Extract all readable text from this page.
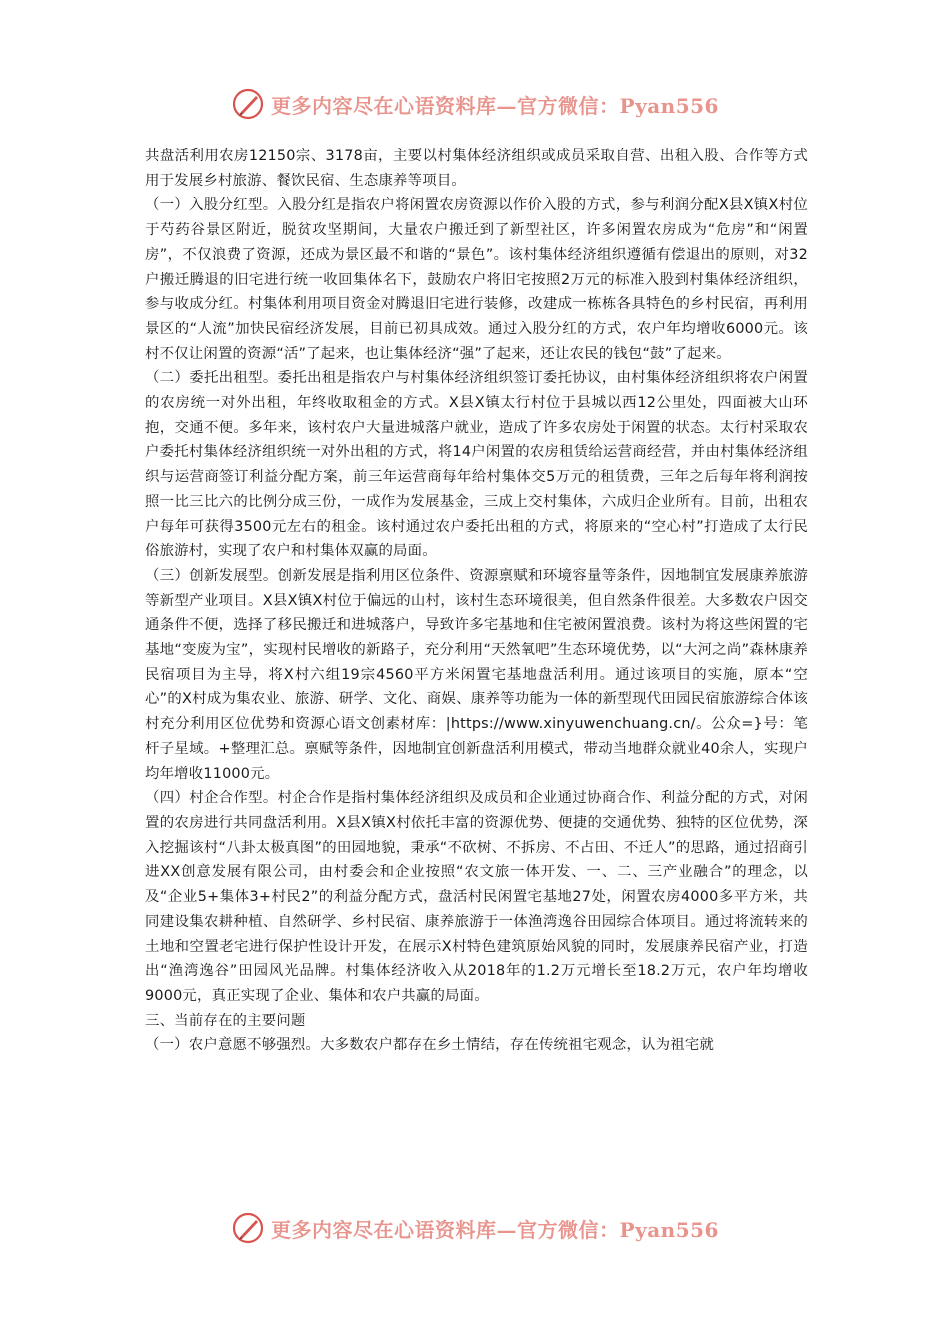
更多内容尽在心语资料库—官方微信：Pyan556

共盘活利用农房12150宗、3178亩，主要以村集体经济组织或成员采取自营、出租入股、合作等方式用于发展乡村旅游、餐饮民宿、生态康养等项目。

（一）入股分红型。入股分红是指农户将闲置农房资源以作价入股的方式，参与利润分配X县X镇X村位于芍药谷景区附近，脱贫攻坚期间，大量农户搬迁到了新型社区，许多闲置农房成为“危房”和“闲置房”，不仅浪费了资源，还成为景区最不和谐的“景色”。该村集体经济组织遵循有偿退出的原则，对32户搬迁腾退的旧宅进行统一收回集体名下，鼓励农户将旧宅按照2万元的标准入股到村集体经济组织，参与收成分红。村集体利用项目资金对腾退旧宅进行装修，改建成一栋栋各具特色的乡村民宿，再利用景区的“人流”加快民宿经济发展，目前已初具成效。通过入股分红的方式，农户年均增收6000元。该村不仅让闲置的资源“活”了起来，也让集体经济“强”了起来，还让农民的钱包“鼓”了起来。

（二）委托出租型。委托出租是指农户与村集体经济组织签订委托协议，由村集体经济组织将农户闲置的农房统一对外出租，年终收取租金的方式。X县X镇太行村位于县城以西12公里处，四面被大山环抱，交通不便。多年来，该村农户大量进城落户就业，造成了许多农房处于闲置的状态。太行村采取农户委托村集体经济组织统一对外出租的方式，将14户闲置的农房租赁给运营商经营，并由村集体经济组织与运营商签订利益分配方案，前三年运营商每年给村集体交5万元的租赁费，三年之后每年将利润按照一比三比六的比例分成三份，一成作为发展基金，三成上交村集体，六成归企业所有。目前，出租农户每年可获得3500元左右的租金。该村通过农户委托出租的方式，将原来的“空心村”打造成了太行民俗旅游村，实现了农户和村集体双赢的局面。

（三）创新发展型。创新发展是指利用区位条件、资源禀赋和环境容量等条件，因地制宜发展康养旅游等新型产业项目。X县X镇X村位于偏远的山村，该村生态环境很美，但自然条件很差。大多数农户因交通条件不便，选择了移民搬迁和进城落户，导致许多宅基地和住宅被闲置浪费。该村为将这些闲置的宅基地“变废为宝”，实现村民增收的新路子，充分利用“天然氧吧”生态环境优势，以“大河之尚”森林康养民宿项目为主导，将X村六组19宗4560平方米闲置宅基地盘活利用。通过该项目的实施，原本“空心”的X村成为集农业、旅游、研学、文化、商娱、康养等功能为一体的新型现代田园民宿旅游综合体该村充分利用区位优势和资源心语文创素材库：|https://www.xinyuwenchuang.cn/。公众=}号：笔杆子星域。+整理汇总。禀赋等条件，因地制宜创新盘活利用模式，带动当地群众就业40余人，实现户均年增收11000元。

（四）村企合作型。村企合作是指村集体经济组织及成员和企业通过协商合作、利益分配的方式，对闲置的农房进行共同盘活利用。X县X镇X村依托丰富的资源优势、便捷的交通优势、独特的区位优势，深入挖掘该村“八卦太极真图”的田园地貌，秉承“不砍树、不拆房、不占田、不迁人”的思路，通过招商引进XX创意发展有限公司，由村委会和企业按照“农文旅一体开发、一、二、三产业融合”的理念，以及“企业5+集体3+村民2”的利益分配方式，盘活村民闲置宅基地27处，闲置农房4000多平方米，共同建设集农耕种植、自然研学、乡村民宿、康养旅游于一体渔湾逸谷田园综合体项目。通过将流转来的土地和空置老宅进行保护性设计开发，在展示X村特色建筑原始风貌的同时，发展康养民宿产业，打造出“渔湾逸谷”田园风光品牌。村集体经济收入从2018年的1.2万元增长至18.2万元，农户年均增收9000元，真正实现了企业、集体和农户共赢的局面。

三、当前存在的主要问题

（一）农户意愿不够强烈。大多数农户都存在乡土情结，存在传统祖宅观念，认为祖宅就

更多内容尽在心语资料库—官方微信：Pyan556
